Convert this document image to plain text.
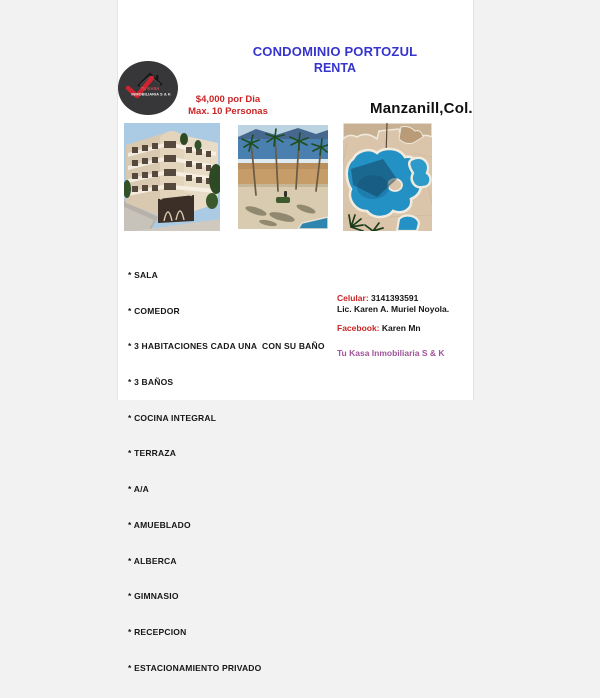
TU KASA
INMOBILIARIA S & K
CONDOMINIO PORTOZUL
RENTA
$4,000 por Dia
Max. 10 Personas	Manzanill,Col.

* SALA

* COMEDOR

* 3 HABITACIONES CADA UNA  CON SU BAÑO

* 3 BAÑOS

* COCINA INTEGRAL

* TERRAZA

* A/A

* AMUEBLADO

* ALBERCA

* GIMNASIO

* RECEPCION

* ESTACIONAMIENTO PRIVADO

Celular: 3141393591
Lic. Karen A. Muriel Noyola.
Facebook: Karen Mn
Tu Kasa Inmobiliaria S & K
